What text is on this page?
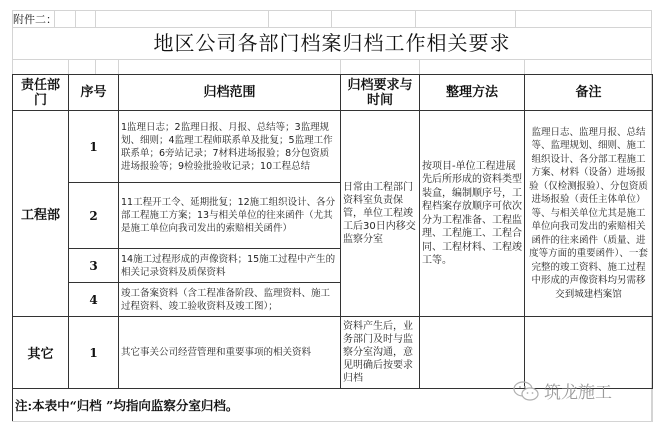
附件二：
地区公司各部门档案归档工作相关要求
责任部门	序号	归档范围	归档要求与时间	整理方法	备注
工程部	1	1监理日志；2监理日报、月报、总结等；3监理规划、细则；4监理工程师联系单及批复；5监理工作联系单；6旁站记录；7材料进场报验；8分包资质进场报验等；9检验批验收记录；10工程总结	日常由工程部门资料室负责保管，单位工程竣工后30日内移交监察分室	按项目-单位工程进展先后所形成的资料类型装盒，编制顺序号，工程档案存放顺序可依次分为工程准备、工程监理、工程施工、工程合同、工程材料、工程竣工等。	监理日志、监理月报、总结等、监理规划、细则、施工组织设计、各分部工程施工方案、材料（设备）进场报验（仅检测报验）、分包资质进场报验（责任主体单位）等、与相关单位尤其是施工单位向我司发出的索赔相关函件的往来函件（质量、进度等方面的重要函件）、一套完整的竣工资料、施工过程中形成的声像资料均另需移交到城建档案馆
	2	11工程开工令、延期批复；12施工组织设计、各分部工程施工方案；13与相关单位的往来函件（尤其是施工单位向我司发出的索赔相关函件）			
	3	14施工过程形成的声像资料；15施工过程中产生的相关记录资料及质保资料			
	4	竣工备案资料（含工程准备阶段、监理资料、施工过程资料、竣工验收资料及竣工图）；			
其它	1	其它事关公司经营管理和重要事项的相关资料	资料产生后，业务部门及时与监察分室沟通，意见明确后按要求归档		
注:本表中“归档 ”均指向监察分室归档。					
筑龙施工
